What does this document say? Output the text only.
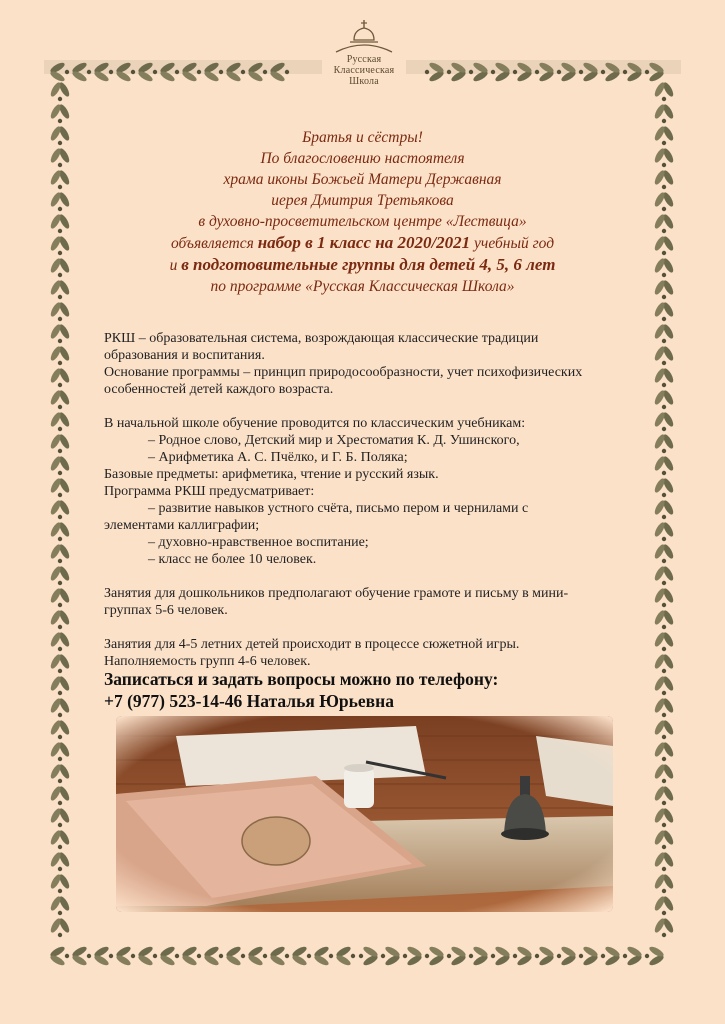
Русская
Классическая
Школа
Братья и сёстры!
По благословению настоятеля
храма иконы Божьей Матери Державная
иерея Дмитрия Третьякова
в духовно-просветительском центре «Лествица»
объявляется набор в 1 класс на 2020/2021 учебный год
и в подготовительные группы для детей 4, 5, 6 лет
по программе «Русская Классическая Школа»

РКШ – образовательная система, возрождающая классические традиции

образования и воспитания.

Основание программы – принцип природосообразности, учет психофизических

особенностей детей каждого возраста.

В начальной школе обучение проводится по классическим учебникам:

– Родное слово, Детский мир и Хрестоматия К. Д. Ушинского,

– Арифметика А. С. Пчёлко, и Г. Б. Поляка;

Базовые предметы: арифметика, чтение и русский язык.

Программа РКШ предусматривает:

– развитие навыков устного счёта, письмо пером и чернилами с

элементами каллиграфии;

– духовно-нравственное воспитание;

– класс не более 10 человек.

Занятия для дошкольников предполагают обучение грамоте и письму в мини-

группах 5-6 человек.

Занятия для 4-5 летних детей происходит в процессе сюжетной игры.

Наполняемость групп 4-6 человек.

Записаться и задать вопросы можно по телефону:
+7 (977) 523-14-46 Наталья Юрьевна
